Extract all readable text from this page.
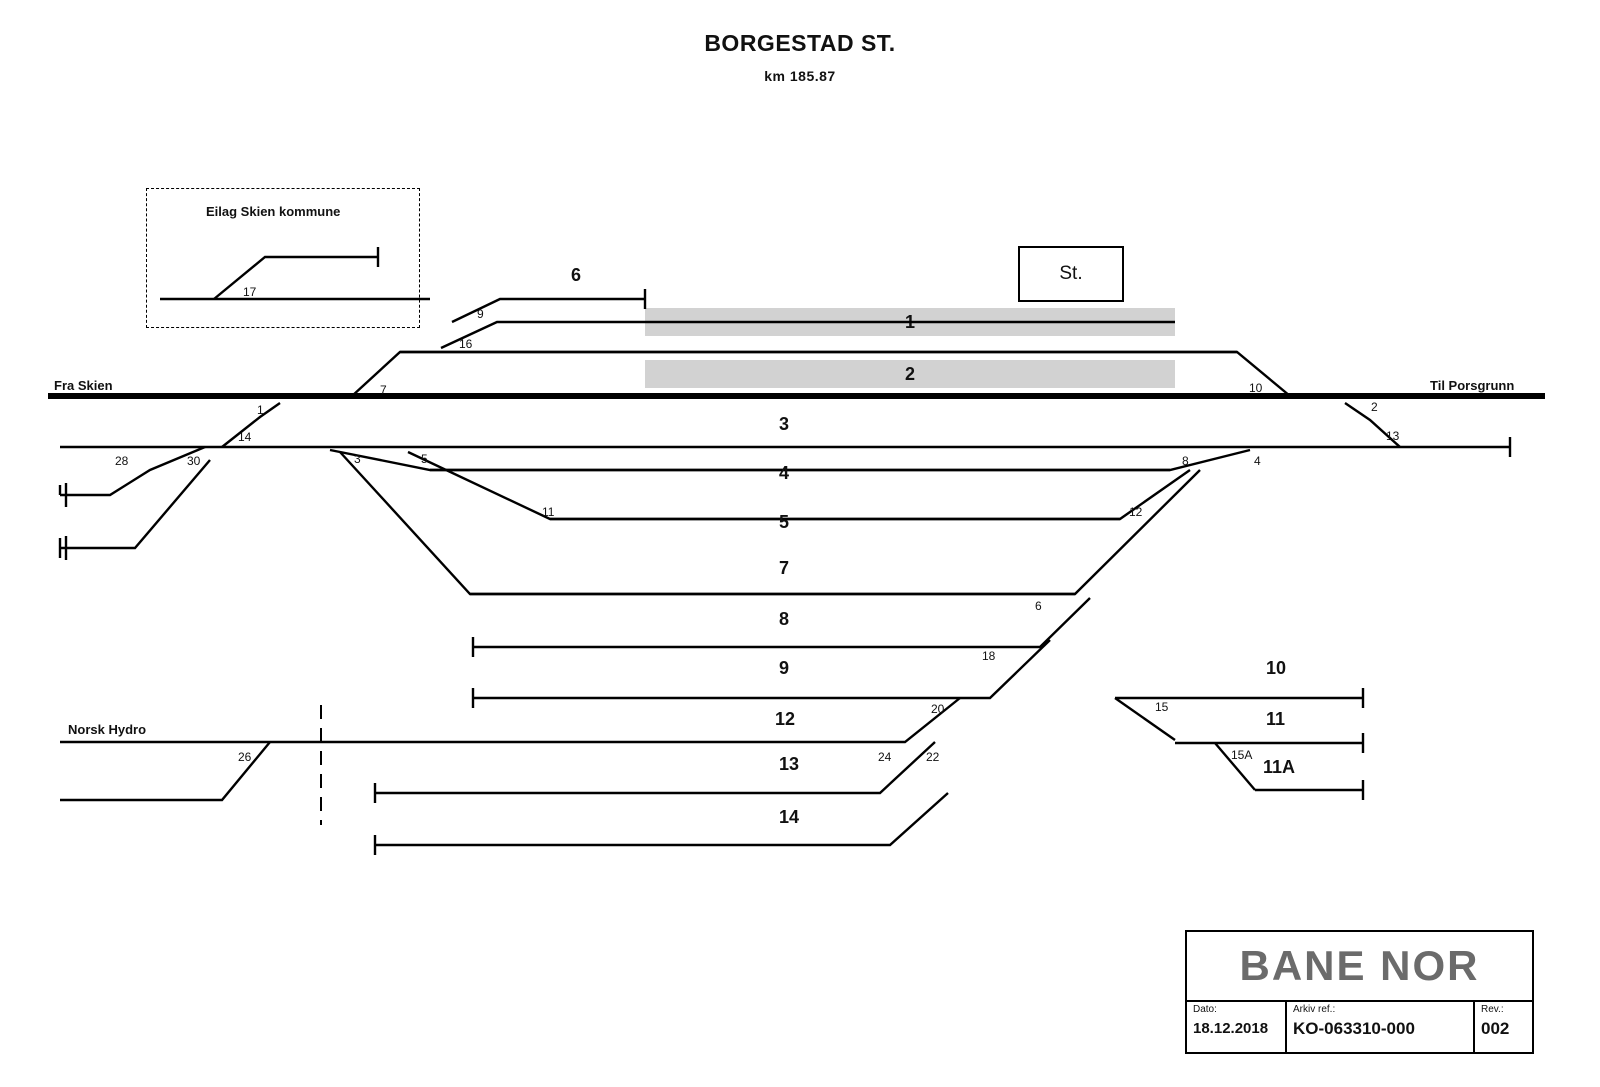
BORGESTAD ST.
km 185.87
Eilag Skien kommune
St.
1
2
Fra Skien	Til Porsgrunn
Norsk Hydro
6
3
4
5
7
8
9	10
12	11
13	11A
14
17
9
16
7	10
1	2
14	13
28	30	3	5	8	4
11	12
6
18
20	15
24	22	15A
26
BANE NOR
Dato:
18.12.2018
Arkiv ref.:
KO-063310-000
Rev.:
002
